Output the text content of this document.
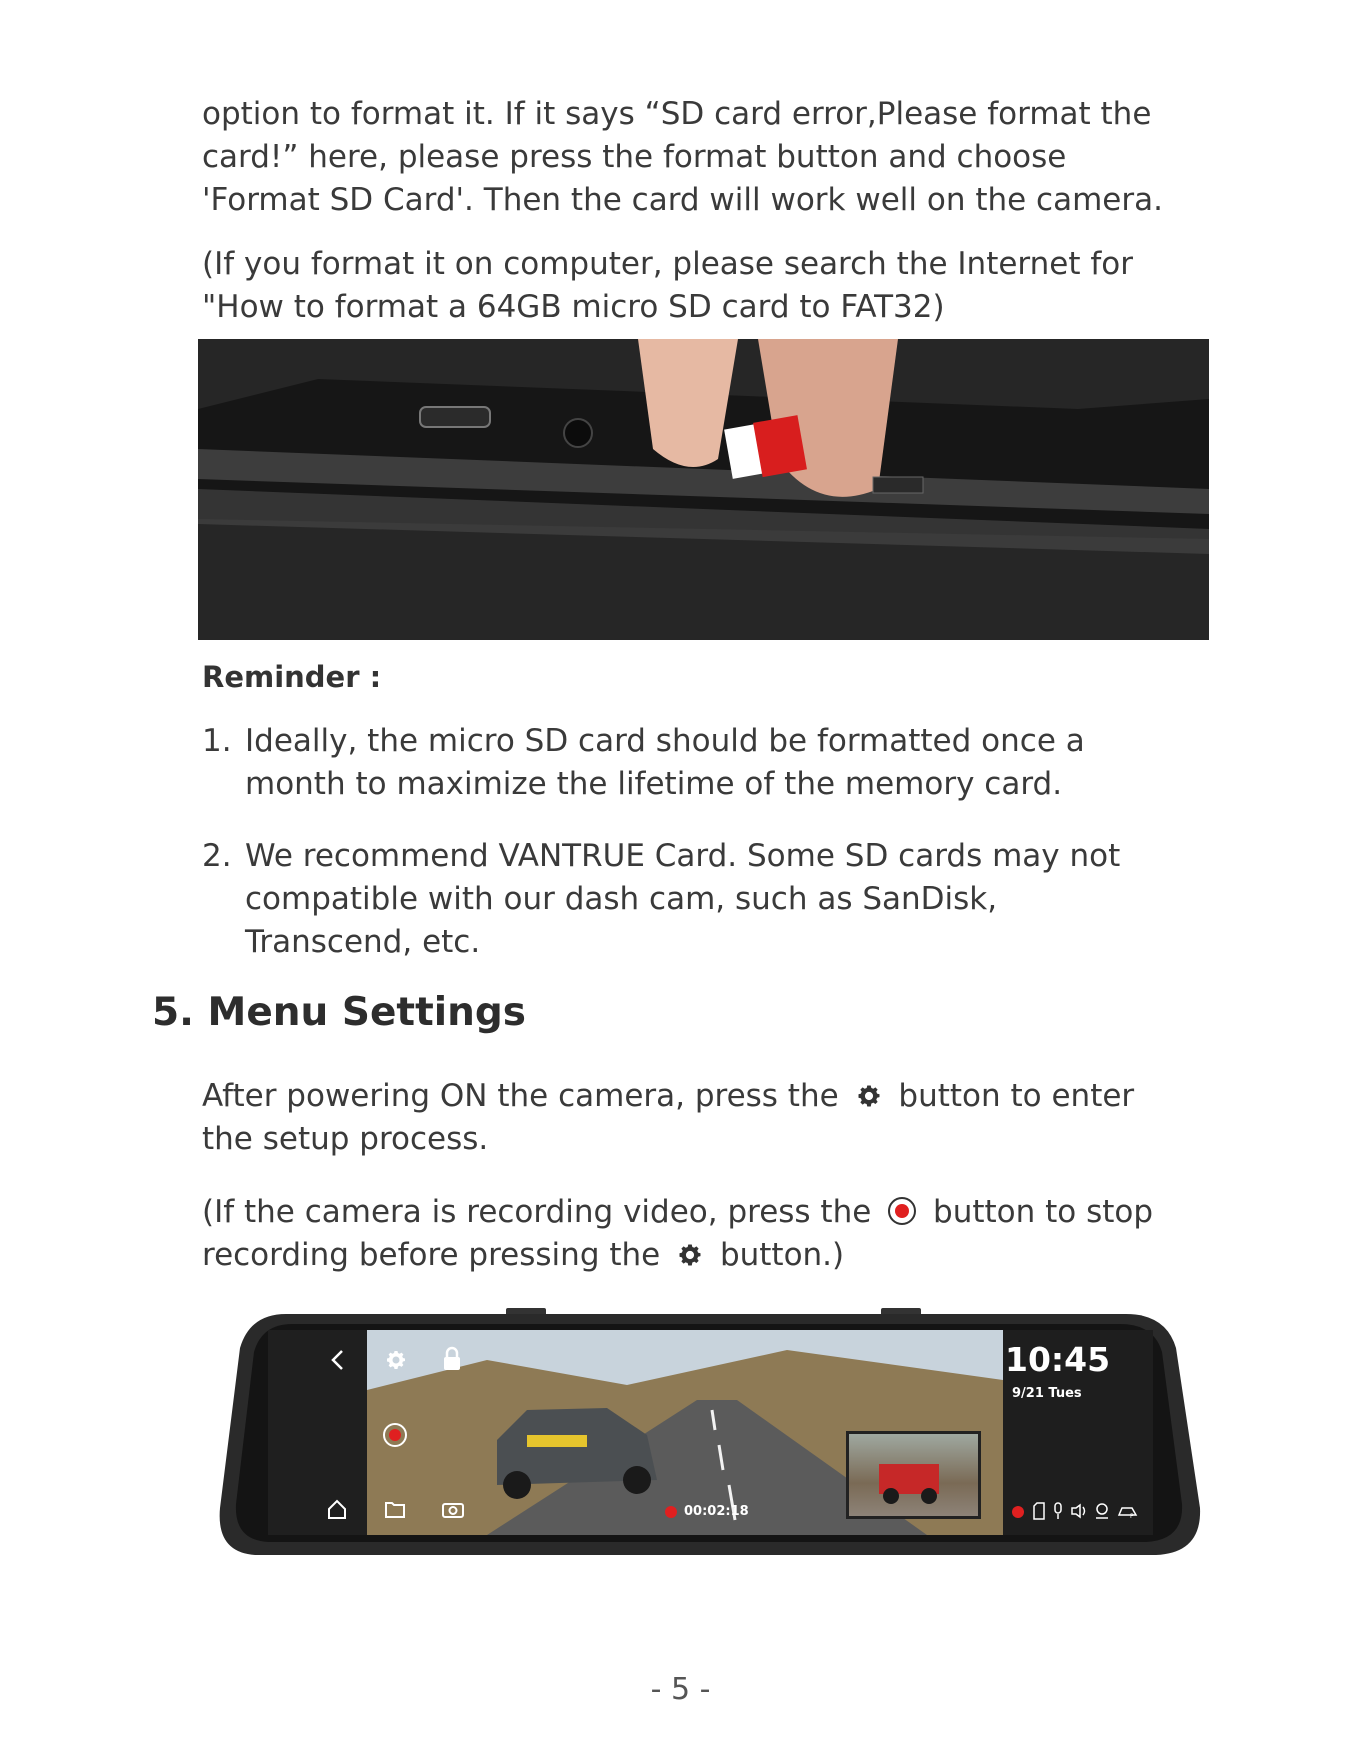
option to format it. If it says “SD card error,Please format the

card!” here, please press the format button and choose

'Format SD Card'. Then the card will work well on the camera.

(If you format it on computer, please search the Internet for

"How to format a 64GB micro SD card to FAT32)

Reminder :

1. Ideally, the micro SD card should be formatted once a
month to maximize the lifetime of the memory card.
2. We recommend VANTRUE Card. Some SD cards may not
compatible with our dash cam, such as SanDisk,
Transcend, etc.
5. Menu Settings
After powering ON the camera, press the button to enter

the setup process.

(If the camera is recording video, press the button to stop
recording before pressing the button.)
10:45
9/21 Tues
00:02:18	P
- 5 -
